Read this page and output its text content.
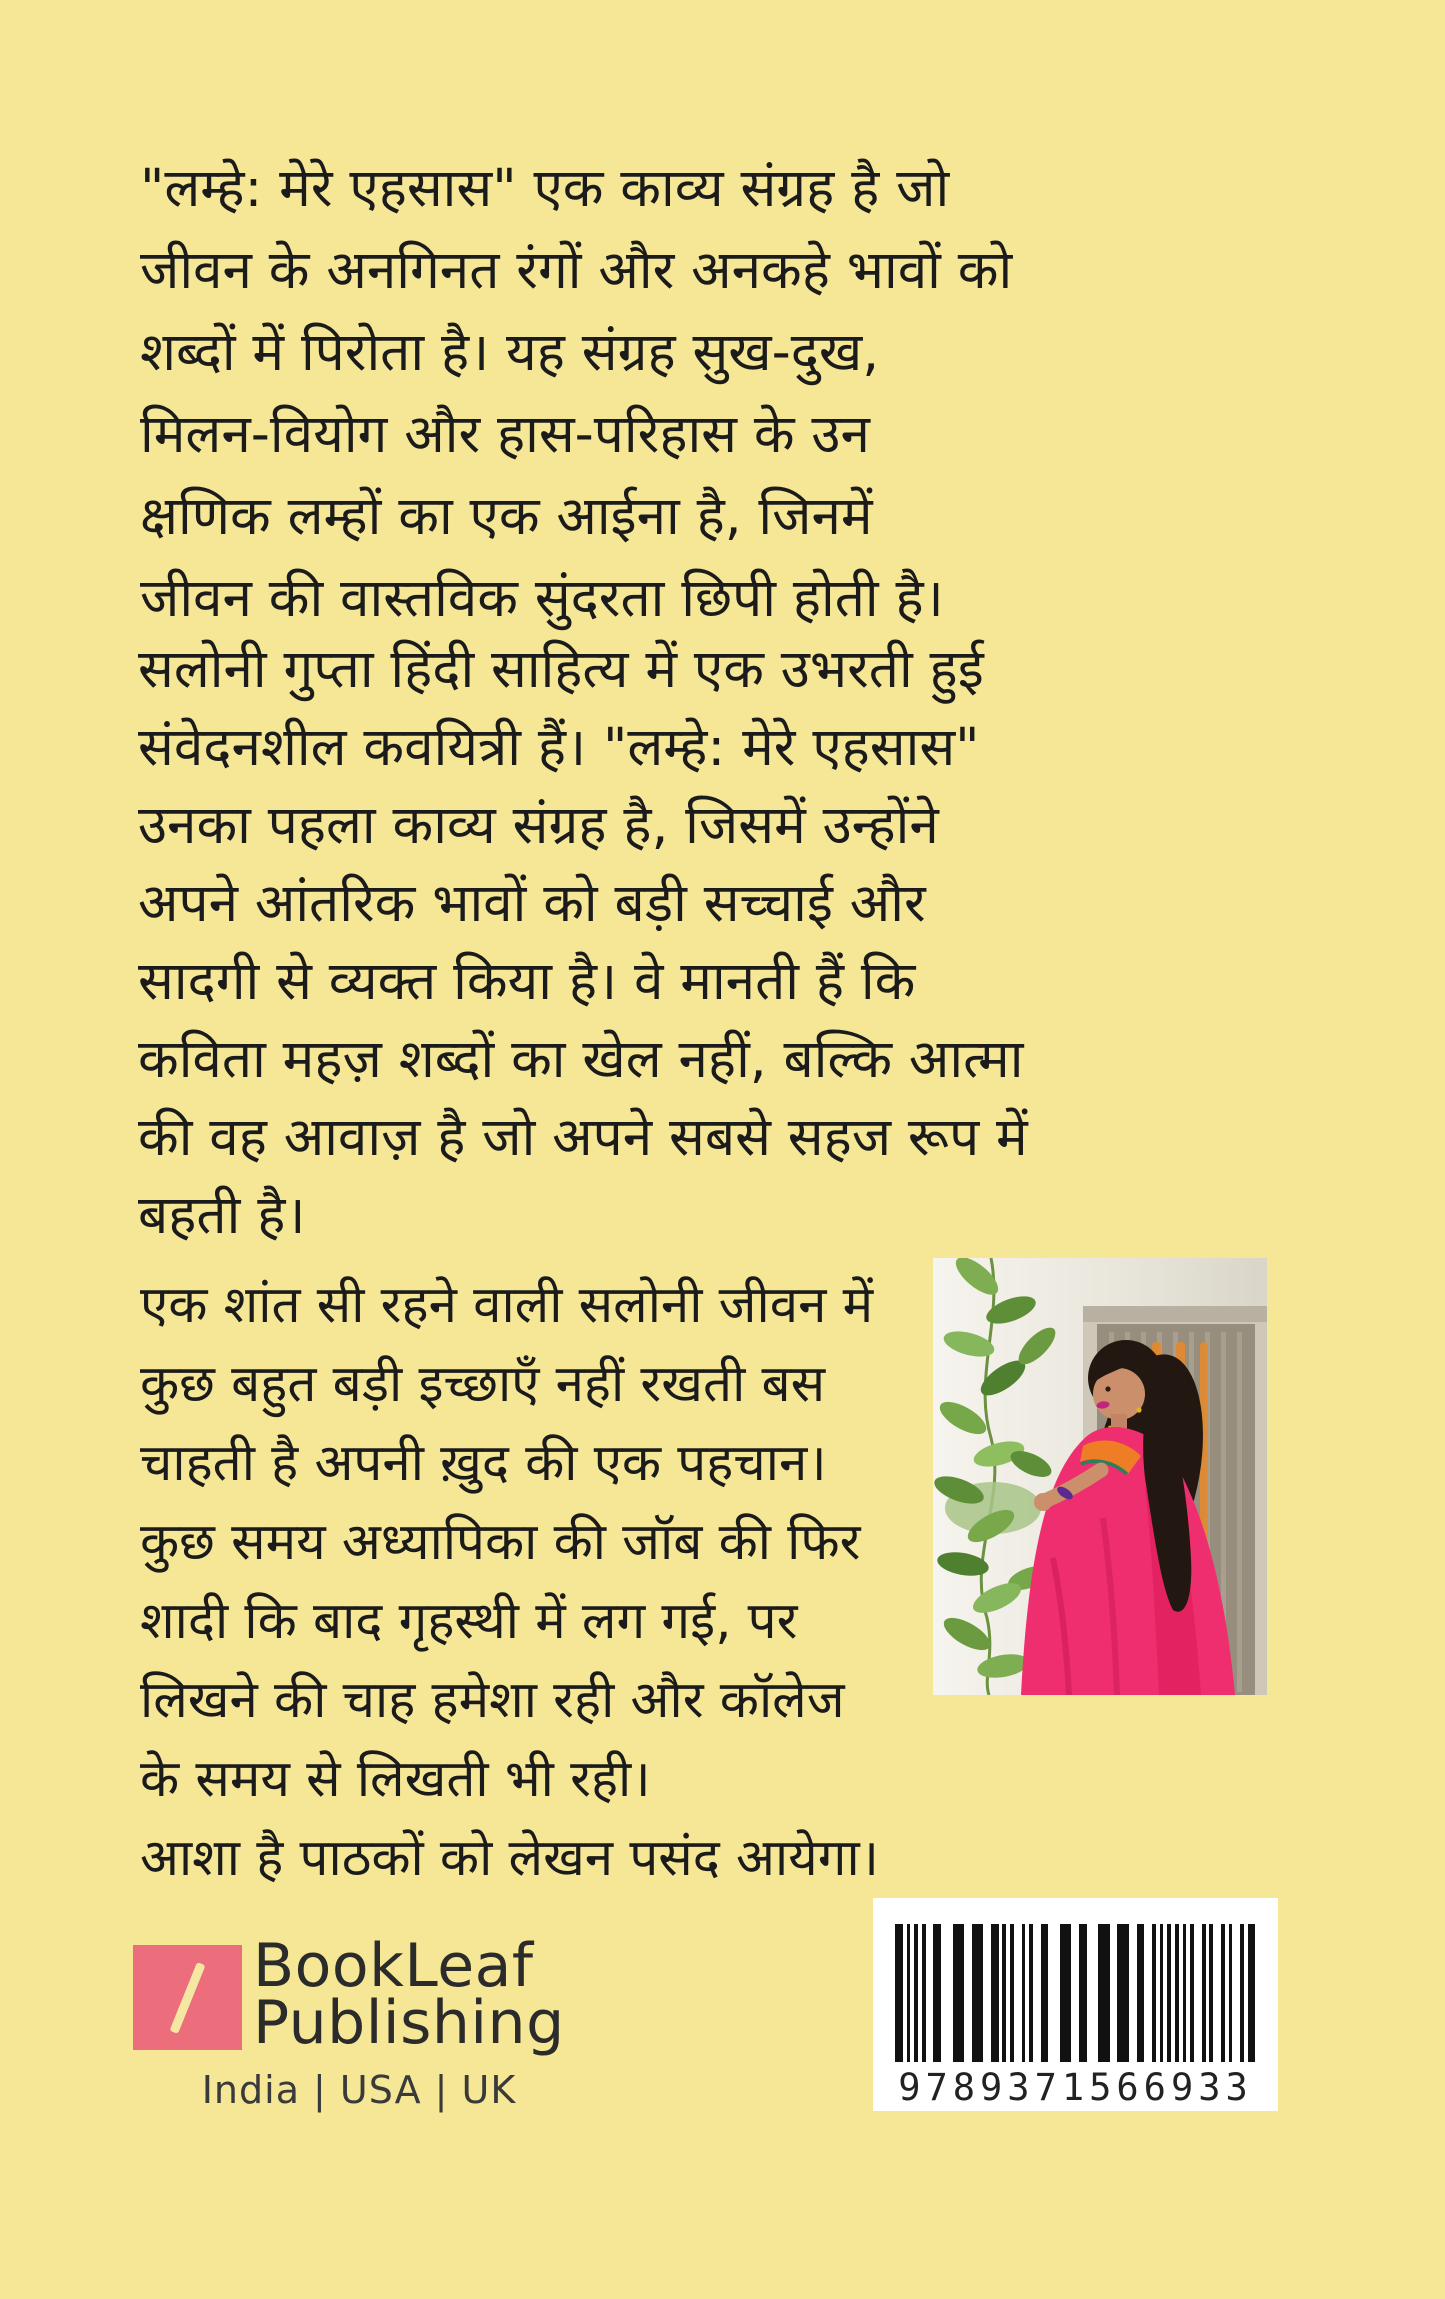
"लम्हे: मेरे एहसास" एक काव्य संग्रह है जो
जीवन के अनगिनत रंगों और अनकहे भावों को
शब्दों में पिरोता है। यह संग्रह सुख-दुख,
मिलन-वियोग और हास-परिहास के उन
क्षणिक लम्हों का एक आईना है, जिनमें
जीवन की वास्तविक सुंदरता छिपी होती है।
सलोनी गुप्ता हिंदी साहित्य में एक उभरती हुई
संवेदनशील कवयित्री हैं। "लम्हे: मेरे एहसास"
उनका पहला काव्य संग्रह है, जिसमें उन्होंने
अपने आंतरिक भावों को बड़ी सच्चाई और
सादगी से व्यक्त किया है। वे मानती हैं कि
कविता महज़ शब्दों का खेल नहीं, बल्कि आत्मा
की वह आवाज़ है जो अपने सबसे सहज रूप में
बहती है।
एक शांत सी रहने वाली सलोनी जीवन में
कुछ बहुत बड़ी इच्छाएँ नहीं रखती बस
चाहती है अपनी ख़ुद की एक पहचान।
कुछ समय अध्यापिका की जॉब की फिर
शादी कि बाद गृहस्थी में लग गई, पर
लिखने की चाह हमेशा रही और कॉलेज
के समय से लिखती भी रही।
आशा है पाठकों को लेखन पसंद आयेगा।
BookLeaf
Publishing
India | USA | UK	9789371566933
